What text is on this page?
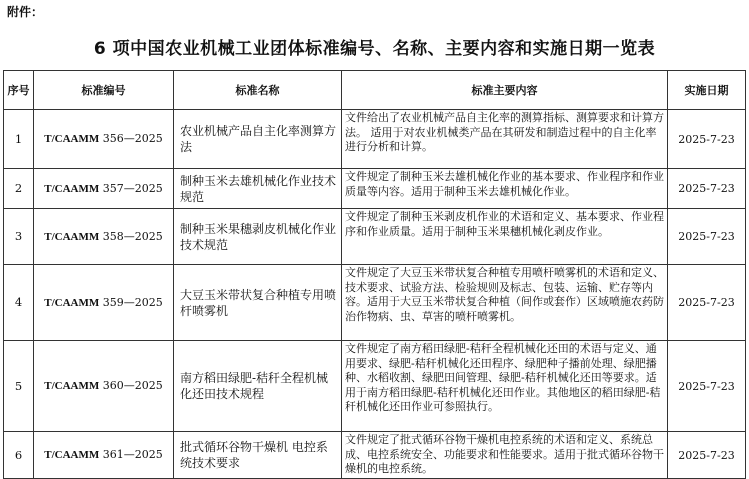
附件：
6 项中国农业机械工业团体标准编号、名称、主要内容和实施日期一览表
序号	标准编号	标准名称	标准主要内容	实施日期
1	T/CAAMM 356—2025	农业机械产品自主化率测算方法	文件给出了农业机械产品自主化率的测算指标、测算要求和计算方法。 适用于对农业机械类产品在其研发和制造过程中的自主化率进行分析和计算。	2025-7-23
2	T/CAAMM 357—2025	制种玉米去雄机械化作业技术规范	文件规定了制种玉米去雄机械化作业的基本要求、作业程序和作业质量等内容。适用于制种玉米去雄机械化作业。	2025-7-23
3	T/CAAMM 358—2025	制种玉米果穗剥皮机械化作业技术规范	文件规定了制种玉米剥皮机作业的术语和定义、基本要求、作业程序和作业质量。适用于制种玉米果穗机械化剥皮作业。	2025-7-23
4	T/CAAMM 359—2025	大豆玉米带状复合种植专用喷杆喷雾机	文件规定了大豆玉米带状复合种植专用喷杆喷雾机的术语和定义、技术要求、试验方法、检验规则及标志、包装、运输、贮存等内容。适用于大豆玉米带状复合种植（间作或套作）区域喷施农药防治作物病、虫、草害的喷杆喷雾机。	2025-7-23
5	T/CAAMM 360—2025	南方稻田绿肥-秸秆全程机械化还田技术规程	文件规定了南方稻田绿肥-秸秆全程机械化还田的术语与定义、通用要求、绿肥-秸秆机械化还田程序、绿肥种子播前处理、绿肥播种、水稻收割、绿肥田间管理、绿肥-秸秆机械化还田等要求。适用于南方稻田绿肥-秸秆机械化还田作业。其他地区的稻田绿肥-秸秆机械化还田作业可参照执行。	2025-7-23
6	T/CAAMM 361—2025	批式循环谷物干燥机 电控系统技术要求	文件规定了批式循环谷物干燥机电控系统的术语和定义、系统总成、电控系统安全、功能要求和性能要求。适用于批式循环谷物干燥机的电控系统。	2025-7-23
